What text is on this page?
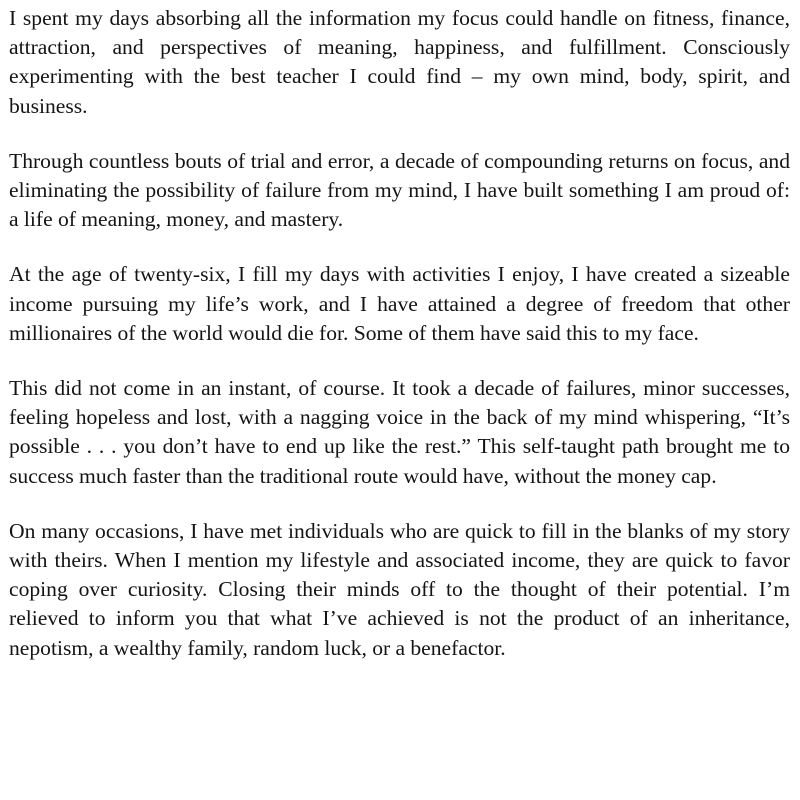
I spent my days absorbing all the information my focus could handle on fitness, finance, attraction, and perspectives of meaning, happiness, and fulfillment. Consciously experimenting with the best teacher I could find – my own mind, body, spirit, and business.

Through countless bouts of trial and error, a decade of compounding returns on focus, and eliminating the possibility of failure from my mind, I have built something I am proud of: a life of meaning, money, and mastery.

At the age of twenty-six, I fill my days with activities I enjoy, I have created a sizeable income pursuing my life’s work, and I have attained a degree of freedom that other millionaires of the world would die for. Some of them have said this to my face.

This did not come in an instant, of course. It took a decade of failures, minor successes, feeling hopeless and lost, with a nagging voice in the back of my mind whispering, “It’s possible . . . you don’t have to end up like the rest.” This self-taught path brought me to success much faster than the traditional route would have, without the money cap.

On many occasions, I have met individuals who are quick to fill in the blanks of my story with theirs. When I mention my lifestyle and associated income, they are quick to favor coping over curiosity. Closing their minds off to the thought of their potential. I’m relieved to inform you that what I’ve achieved is not the product of an inheritance, nepotism, a wealthy family, random luck, or a benefactor.
